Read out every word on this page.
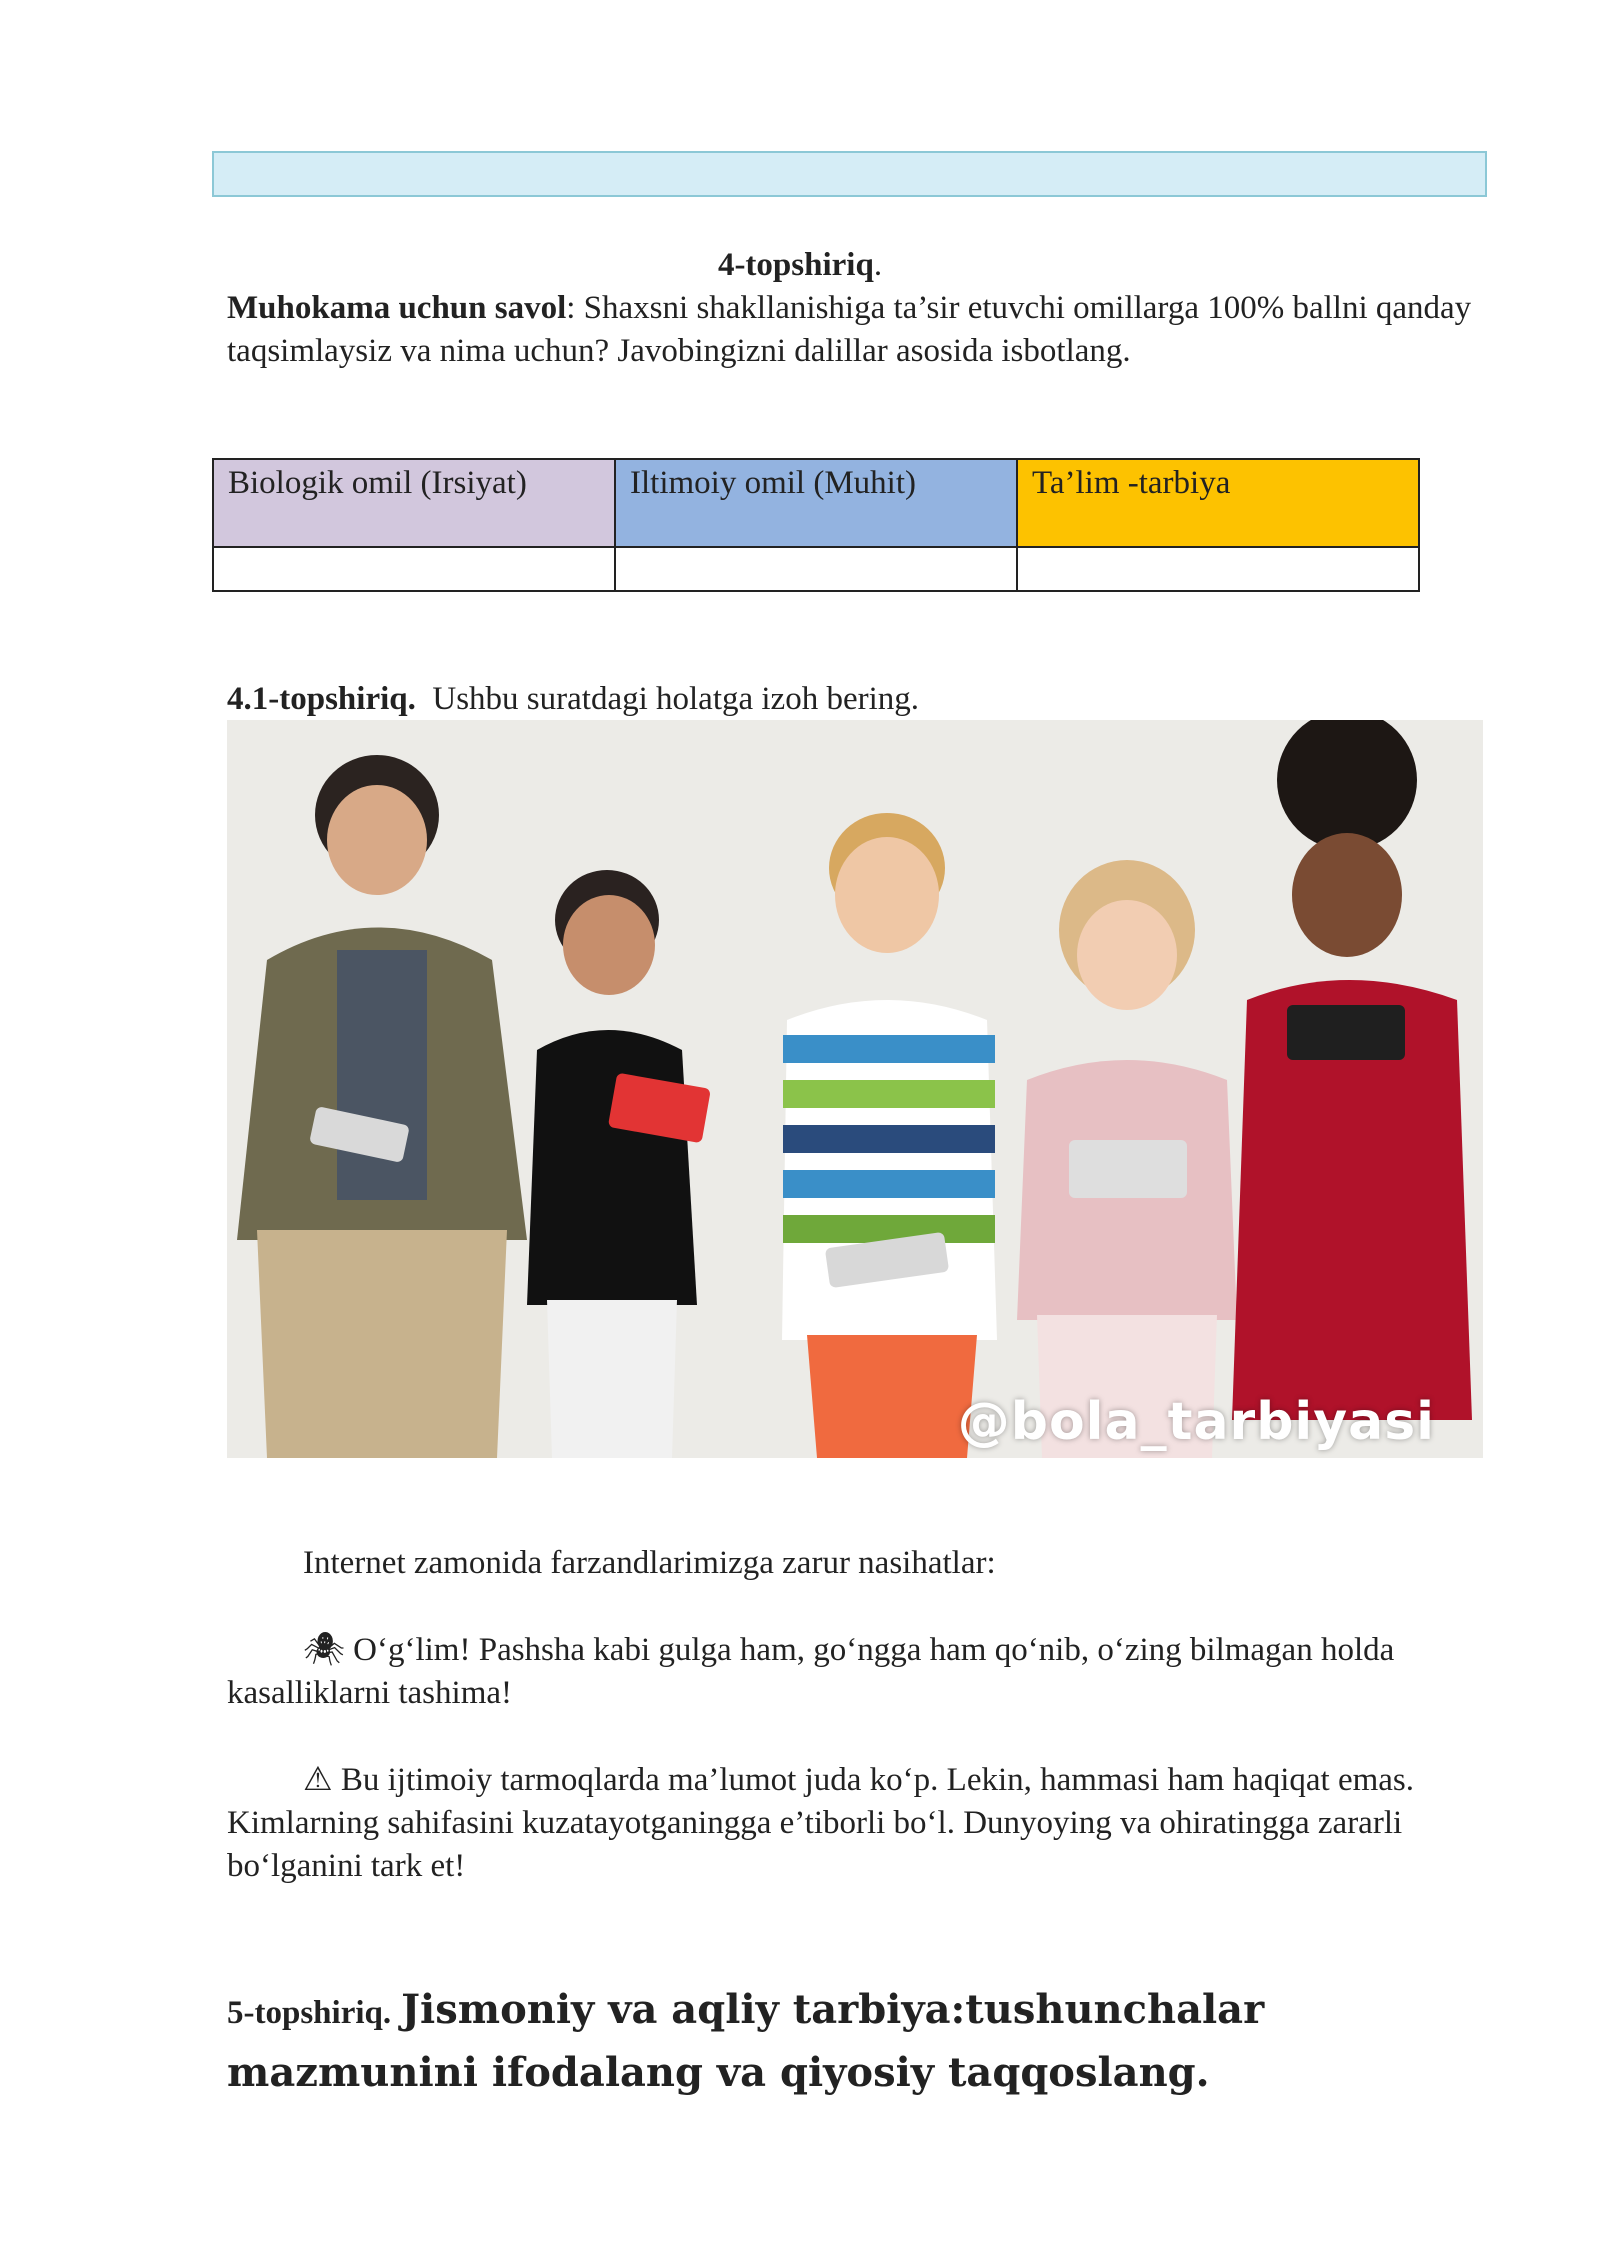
4-topshiriq.
Muhokama uchun savol: Shaxsni shakllanishiga ta’sir etuvchi omillarga 100% ballni qanday taqsimlaysiz va nima uchun? Javobingizni dalillar asosida isbotlang.
Biologik omil (Irsiyat)	Iltimoiy omil (Muhit)	Ta’lim -tarbiya

4.1-topshiriq. Ushbu suratdagi holatga izoh bering.
@bola_tarbiyasi
Internet zamonida farzandlarimizga zarur nasihatlar:
🕷 O‘g‘lim! Pashsha kabi gulga ham, go‘ngga ham qo‘nib, o‘zing bilmagan holda kasalliklarni tashima!
⚠ Bu ijtimoiy tarmoqlarda ma’lumot juda ko‘p. Lekin, hammasi ham haqiqat emas. Kimlarning sahifasini kuzatayotganingga e’tiborli bo‘l. Dunyoying va ohiratingga zararli bo‘lganini tark et!
5-topshiriq. Jismoniy va aqliy tarbiya:tushunchalar mazmunini ifodalang va qiyosiy taqqoslang.
